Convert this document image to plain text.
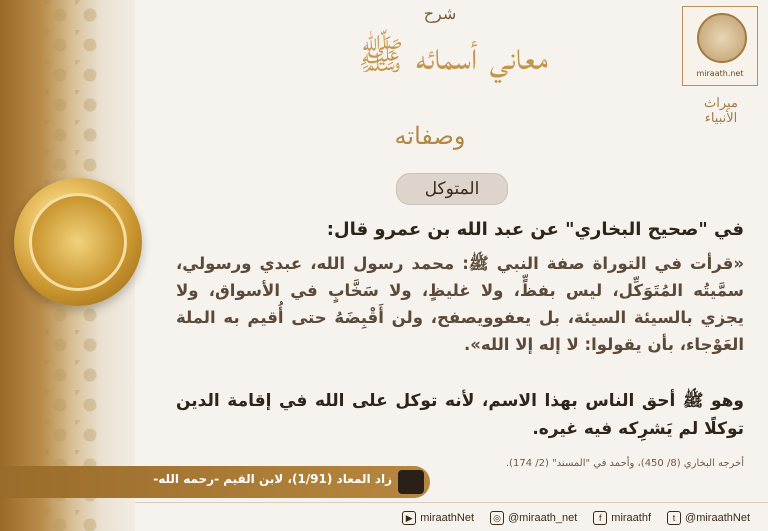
miraath.net
ميراث الأنبياء
شرح
معاني أسمائه ﷺ
وصفاته
المتوكل
في "صحيح البخاري" عن عبد الله بن عمرو قال:
«قرأت في التوراة صفة النبي ﷺ: محمد رسول الله، عبدي ورسولي، سمَّيتُه المُتَوَكِّل، ليس بفظٍّ، ولا غليظٍ، ولا سَخَّابٍ في الأسواق، ولا يجزي بالسيئة السيئة، بل يعفوويصفح، ولن أَقْبِضَهُ حتى أُقيم به الملة العَوْجاء، بأن يقولوا: لا إله إلا الله».
وهو ﷺ أحق الناس بهذا الاسم، لأنه توكل على الله في إقامة الدين توكلًا لم يَشرِكه فيه غيره.
أخرجه البخاري (8/ 450)، وأحمد في "المسند" (2/ 174).
زاد المعاد (1/91)، لابن القيم -رحمه الله-
t @miraathNet
f miraathf
◎ @miraath_net
▶ miraathNet
